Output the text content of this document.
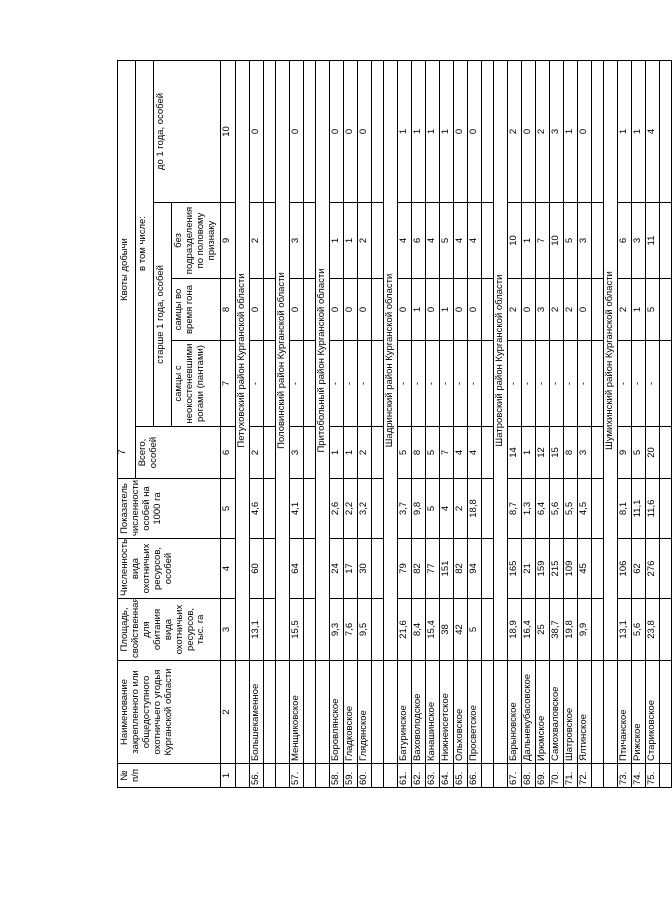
7
№ п/п	Наименование закрепленного или общедоступного охотничьего угодья Курганской области	Площадь, свойственная для обитания вида охотничьих ресурсов, тыс. га	Численность вида охотничьих ресурсов, особей	Показатель численности, особей на 1000 га	Квоты добычи				
					Всего, особей	в том числе:			
						старше 1 года, особей			до 1 года, особей
						самцы с неокостеневшими рогами (пантами)	самцы во время гона	без подразделения по половому признаку	
1	2	3	4	5	6	7	8	9	10
		Петуховский район Курганской области							
56.	Большекаменное	13,1	60	4,6	2	-	0	2	0

		Половинский район Курганской области							
57.	Менщиковское	15,5	64	4,1	3	-	0	3	0

		Притобольный район Курганской области							
58.	Боровлянское	9,3	24	2,6	1	-	0	1	0
59.	Гладковское	7,6	17	2,2	1	-	0	1	0
60.	Глядянское	9,5	30	3,2	2	-	0	2	0

		Шадринский район Курганской области							
61.	Батуринское	21,6	79	3,7	5	-	0	4	1
62.	Ваховолодское	8,4	82	9,8	8	-	1	6	1
63.	Канашинское	15,4	77	5	5	-	0	4	1
64.	Нижнеисетское	38	151	4	7	-	1	5	1
65.	Ольховское	42	82	2	4	-	0	4	0
66.	Просветское	5	94	18,8	4	-	0	4	0

		Шатровский район Курганской области							
67.	Барыновское	18,9	165	8,7	14	-	2	10	2
68.	Дальнекубасовское	16,4	21	1,3	1	-	0	1	0
69.	Ирюмское	25	159	6,4	12	-	3	7	2
70.	Самохваловское	38,7	215	5,6	15	-	2	10	3
71.	Шатровское	19,8	109	5,5	8	-	2	5	1
72.	Ялтинское	9,9	45	4,5	3	-	0	3	0

		Шумихинский район Курганской области							
73.	Птичанское	13,1	106	8,1	9	-	2	6	1
74.	Рижское	5,6	62	11,1	5	-	1	3	1
75.	Стариковское	23,8	276	11,6	20	-	5	11	4
